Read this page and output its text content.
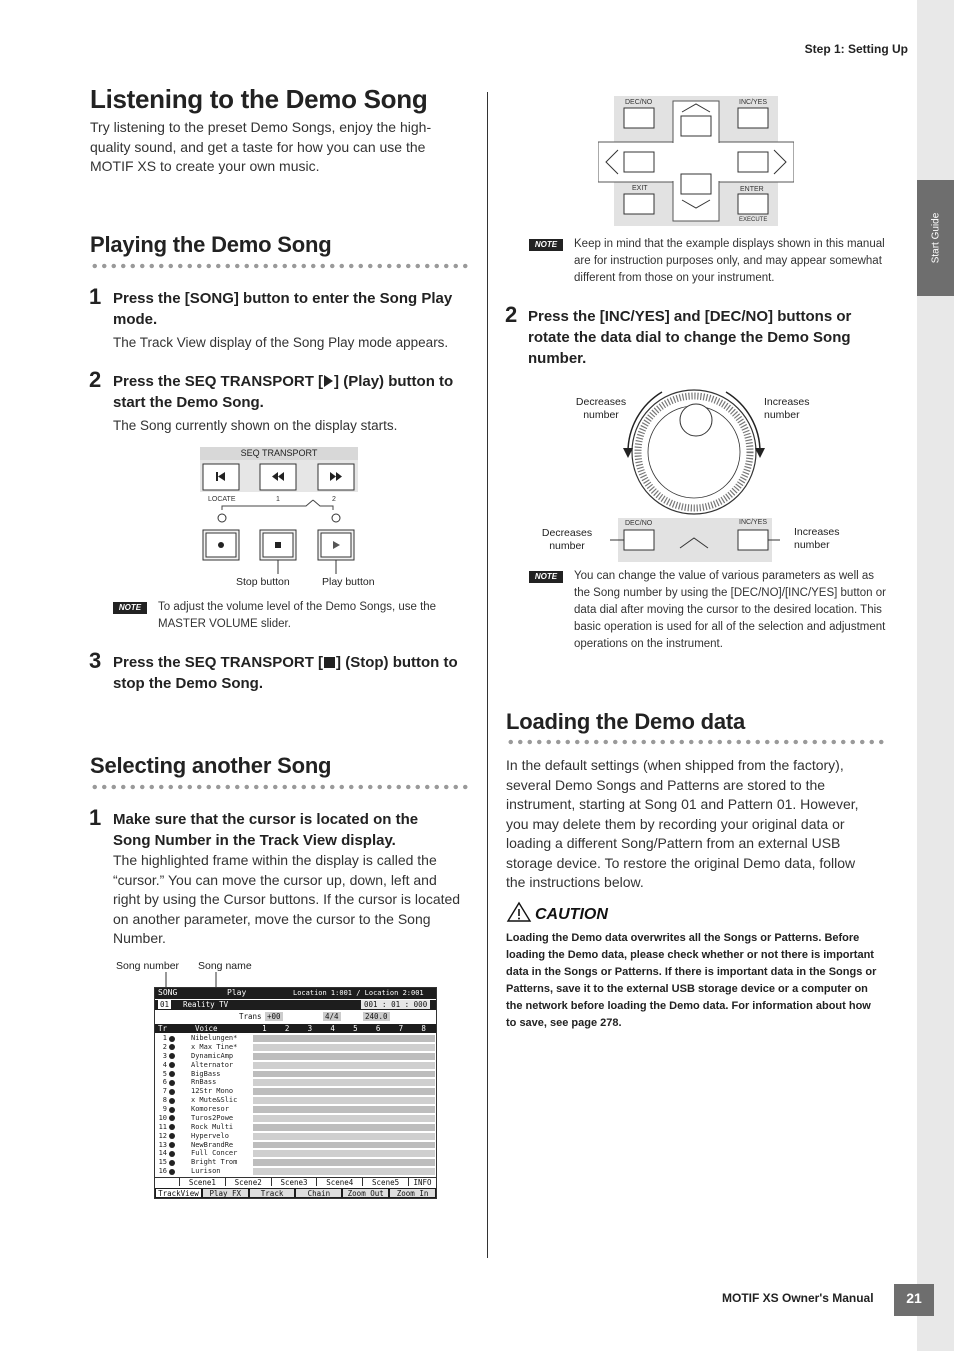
Start Guide
Step 1: Setting Up
Listening to the Demo Song

Try listening to the preset Demo Songs, enjoy the high-quality sound, and get a taste for how you can use the MOTIF XS to create your own music.

Playing the Demo Song
1 Press the [SONG] button to enter the Song Play mode.

The Track View display of the Song Play mode appears.

2 Press the SEQ TRANSPORT [ ] (Play) button to start the Demo Song.

The Song currently shown on the display starts.

SEQ TRANSPORT
LOCATE	1	2
Stop button	Play button
NOTE	To adjust the volume level of the Demo Songs, use the MASTER VOLUME slider.

3 Press the SEQ TRANSPORT [ ] (Stop) button to stop the Demo Song.

Selecting another Song
1 Make sure that the cursor is located on the Song Number in the Track View display.

The highlighted frame within the display is called the “cursor.” You can move the cursor up, down, left and right by using the Cursor buttons. If the cursor is located on another parameter, move the cursor to the Song Number.

Song number Song name
SONG	Play	Location 1:001 / Location 2:001
01 Reality TV	001 : 01 : 000
Trans +00	4/4	240.0
Tr	Voice	1 2 3 4 5 6 7 8
1	Nibelungen*
2	x Max Tine*
3	DynamicAmp
4	Alternator
5	BigBass
6	RnBass
7	12Str Mono
8	x Mute&Slic
9	Komoresor
10	Turos2Powe
11	Rock Multi
12	Hypervelo
13	NewBrandRe
14	Full Concer
15	Bright Trom
16	Lurison
Scene1	Scene2	Scene3	Scene4	Scene5	INFO
TrackView	Play FX	Track	Chain	Zoom Out	Zoom In
DEC/NO	INC/YES
EXIT	ENTER
EXECUTE
NOTE	Keep in mind that the example displays shown in this manual are for instruction purposes only, and may appear somewhat different from those on your instrument.

2 Press the [INC/YES] and [DEC/NO] buttons or rotate the data dial to change the Demo Song number.

Decreases number
Increases number
DEC/NO	INC/YES
Decreases number
Increases number
NOTE	You can change the value of various parameters as well as the Song number by using the [DEC/NO]/[INC/YES] button or data dial after moving the cursor to the desired location. This basic operation is used for all of the selection and adjustment operations on the instrument.

Loading the Demo data

In the default settings (when shipped from the factory), several Demo Songs and Patterns are stored to the instrument, starting at Song 01 and Pattern 01. However, you may delete them by recording your original data or loading a different Song/Pattern from an external USB storage device. To restore the original Demo data, follow the instructions below.

CAUTION

Loading the Demo data overwrites all the Songs or Patterns. Before loading the Demo data, please check whether or not there is important data in the Songs or Patterns. If there is important data in the Songs or Patterns, save it to the external USB storage device or a computer on the network before loading the Demo data. For information about how to save, see page 278.

MOTIF XS Owner's Manual	21
